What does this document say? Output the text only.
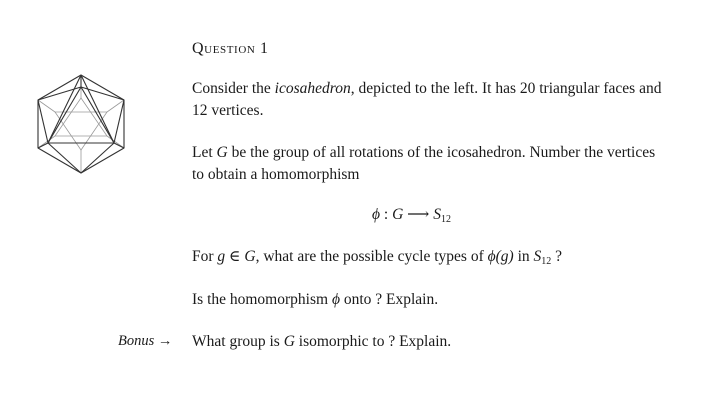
Question 1
Consider the icosahedron, depicted to the left. It has 20 triangular faces and 12 vertices.
Let G be the group of all rotations of the icosahedron. Number the vertices to obtain a homomorphism
ϕ : G ⟶ $S_{12}$
For g ∈ G, what are the possible cycle types of ϕ(g) in $S_{12}$ ?
Is the homomorphism ϕ onto ? Explain.
Bonus → What group is G isomorphic to ? Explain.
